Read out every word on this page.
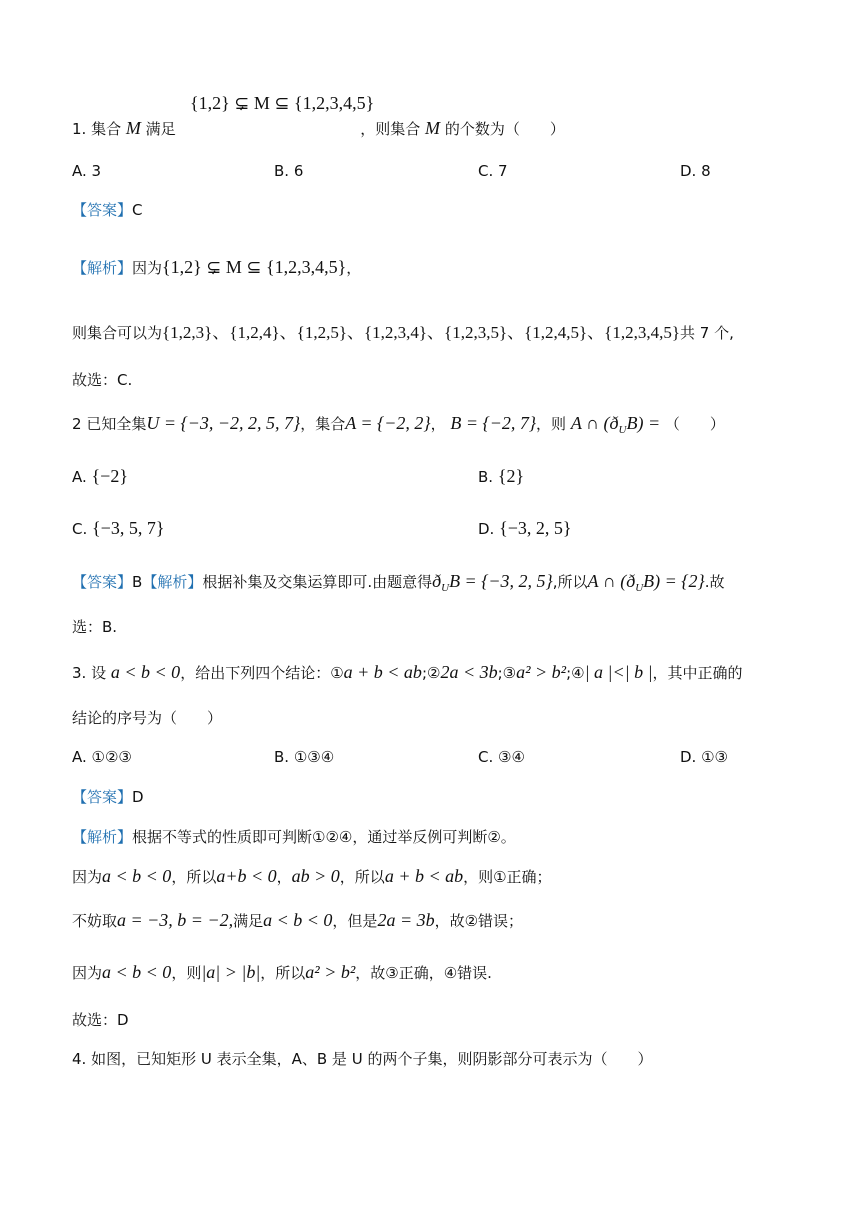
{1,2} ⊊ M ⊆ {1,2,3,4,5}
1. 集合 M 满足	，则集合 M 的个数为（　　）
A. 3	B. 6	C. 7	D. 8
【答案】C
【解析】因为{1,2} ⊊ M ⊆ {1,2,3,4,5}，
则集合可以为{1,2,3}、{1,2,4}、{1,2,5}、{1,2,3,4}、{1,2,3,5}、{1,2,4,5}、{1,2,3,4,5}共 7 个,
故选：C.
2 已知全集U = {−3, −2, 2, 5, 7}，集合A = {−2, 2}， B = {−2, 7}，则 A ∩ $(ð_UB)$ = （　　）
A. {−2}	B. {2}
C. {−3, 5, 7}	D. {−3, 2, 5}
【答案】B【解析】根据补集及交集运算即可.由题意得$ð_UB = \{-3$, 2, 5},所以A ∩ $(ð_UB) = \{2\}$.故
选：B.
3. 设 a < b < 0，给出下列四个结论：①a + b < ab;②2a < 3b;③a² > b²;④| a |<| b |，其中正确的
结论的序号为（　　）
A. ①②③	B. ①③④	C. ③④	D. ①③
【答案】D
【解析】根据不等式的性质即可判断①②④，通过举反例可判断②。
因为a < b < 0，所以a+b < 0，ab > 0，所以a + b < ab，则①正确；
不妨取a = −3, b = −2,满足a < b < 0，但是2a = 3b，故②错误；
因为a < b < 0，则|a| > |b|，所以a² > b²，故③正确，④错误.
故选：D
4. 如图，已知矩形 U 表示全集，A、B 是 U 的两个子集，则阴影部分可表示为（　　）
